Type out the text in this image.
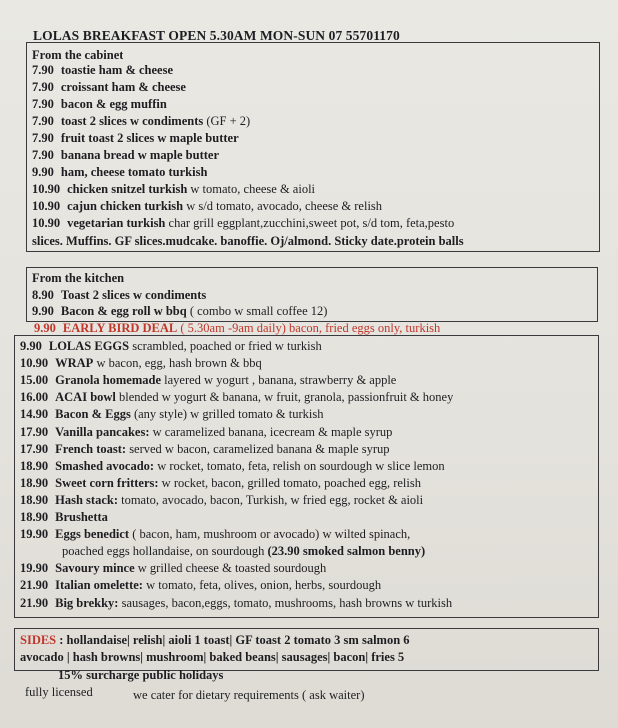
LOLAS BREAKFAST OPEN 5.30AM MON-SUN 07 55701170
From the cabinet
7.90 toastie ham & cheese
7.90 croissant ham & cheese
7.90 bacon & egg muffin
7.90 toast 2 slices w condiments (GF + 2)
7.90 fruit toast 2 slices w maple butter
7.90 banana bread w maple butter
9.90 ham, cheese tomato turkish
10.90 chicken snitzel turkish w tomato, cheese & aioli
10.90 cajun chicken turkish w s/d tomato, avocado, cheese & relish
10.90 vegetarian turkish char grill eggplant,zucchini,sweet pot, s/d tom, feta,pesto
slices. Muffins. GF slices.mudcake. banoffie. Oj/almond. Sticky date.protein balls
From the kitchen
8.90 Toast 2 slices w condiments
9.90 Bacon & egg roll w bbq ( combo w small coffee 12)
9.90 EARLY BIRD DEAL ( 5.30am -9am daily) bacon, fried eggs only, turkish
9.90 LOLAS EGGS scrambled, poached or fried w turkish
10.90 WRAP w bacon, egg, hash brown & bbq
15.00 Granola homemade layered w yogurt , banana, strawberry & apple
16.00 ACAI bowl blended w yogurt & banana, w fruit, granola, passionfruit & honey
14.90 Bacon & Eggs (any style) w grilled tomato & turkish
17.90 Vanilla pancakes: w caramelized banana, icecream & maple syrup
17.90 French toast: served w bacon, caramelized banana & maple syrup
18.90 Smashed avocado: w rocket, tomato, feta, relish on sourdough w slice lemon
18.90 Sweet corn fritters: w rocket, bacon, grilled tomato, poached egg, relish
18.90 Hash stack: tomato, avocado, bacon, Turkish, w fried egg, rocket & aioli
18.90 Brushetta
19.90 Eggs benedict ( bacon, ham, mushroom or avocado) w wilted spinach,
poached eggs hollandaise, on sourdough (23.90 smoked salmon benny)
19.90 Savoury mince w grilled cheese & toasted sourdough
21.90 Italian omelette: w tomato, feta, olives, onion, herbs, sourdough
21.90 Big brekky: sausages, bacon,eggs, tomato, mushrooms, hash browns w turkish
SIDES : hollandaise| relish| aioli 1 toast| GF toast 2 tomato 3 sm salmon 6
avocado | hash browns| mushroom| baked beans| sausages| bacon| fries 5
15% surcharge public holidays
fully licensed	we cater for dietary requirements ( ask waiter)
